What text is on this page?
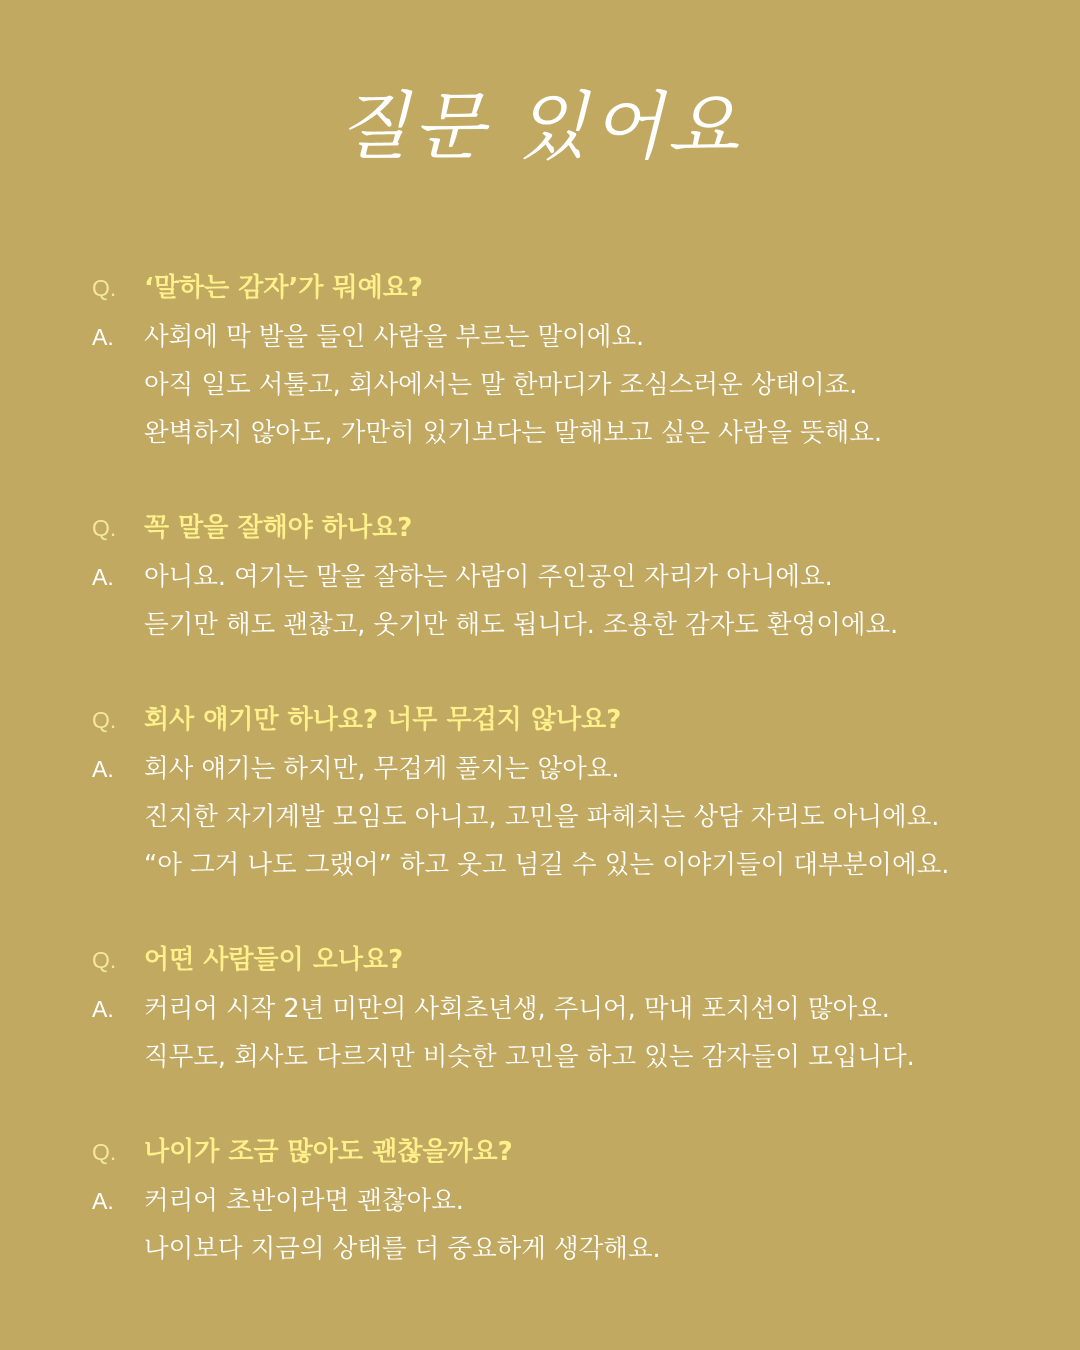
질문 있어요
Q.	‘말하는 감자’가 뭐예요?
A.	사회에 막 발을 들인 사람을 부르는 말이에요.
아직 일도 서툴고, 회사에서는 말 한마디가 조심스러운 상태이죠.
완벽하지 않아도, 가만히 있기보다는 말해보고 싶은 사람을 뜻해요.
Q.	꼭 말을 잘해야 하나요?
A.	아니요. 여기는 말을 잘하는 사람이 주인공인 자리가 아니에요.
듣기만 해도 괜찮고, 웃기만 해도 됩니다. 조용한 감자도 환영이에요.
Q.	회사 얘기만 하나요? 너무 무겁지 않나요?
A.	회사 얘기는 하지만, 무겁게 풀지는 않아요.
진지한 자기계발 모임도 아니고, 고민을 파헤치는 상담 자리도 아니에요.
“아 그거 나도 그랬어” 하고 웃고 넘길 수 있는 이야기들이 대부분이에요.
Q.	어떤 사람들이 오나요?
A.	커리어 시작 2년 미만의 사회초년생, 주니어, 막내 포지션이 많아요.
직무도, 회사도 다르지만 비슷한 고민을 하고 있는 감자들이 모입니다.
Q.	나이가 조금 많아도 괜찮을까요?
A.	커리어 초반이라면 괜찮아요.
나이보다 지금의 상태를 더 중요하게 생각해요.
